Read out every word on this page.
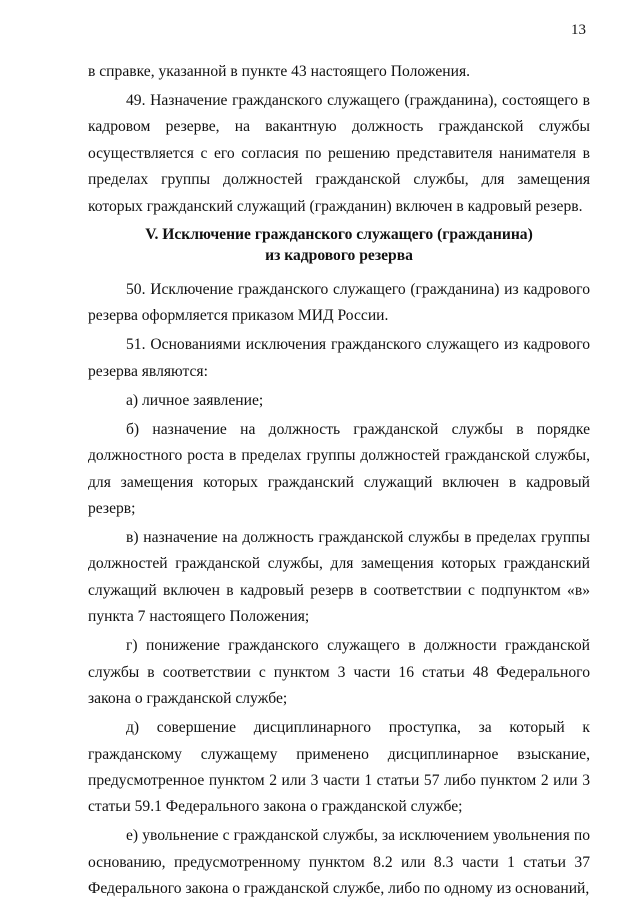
13

в справке, указанной в пункте 43 настоящего Положения.

49. Назначение гражданского служащего (гражданина), состоящего в кадровом резерве, на вакантную должность гражданской службы осуществляется с его согласия по решению представителя нанимателя в пределах группы должностей гражданской службы, для замещения которых гражданский служащий (гражданин) включен в кадровый резерв.

V. Исключение гражданского служащего (гражданина)
из кадрового резерва

50. Исключение гражданского служащего (гражданина) из кадрового резерва оформляется приказом МИД России.

51. Основаниями исключения гражданского служащего из кадрового резерва являются:

а) личное заявление;

б) назначение на должность гражданской службы в порядке должностного роста в пределах группы должностей гражданской службы, для замещения которых гражданский служащий включен в кадровый резерв;

в) назначение на должность гражданской службы в пределах группы должностей гражданской службы, для замещения которых гражданский служащий включен в кадровый резерв в соответствии с подпунктом «в» пункта 7 настоящего Положения;

г) понижение гражданского служащего в должности гражданской службы в соответствии с пунктом 3 части 16 статьи 48 Федерального закона о гражданской службе;

д) совершение дисциплинарного проступка, за который к гражданскому служащему применено дисциплинарное взыскание, предусмотренное пунктом 2 или 3 части 1 статьи 57 либо пунктом 2 или 3 статьи 59.1 Федерального закона о гражданской службе;

е) увольнение с гражданской службы, за исключением увольнения по основанию, предусмотренному пунктом 8.2 или 8.3 части 1 статьи 37 Федерального закона о гражданской службе, либо по одному из оснований,
